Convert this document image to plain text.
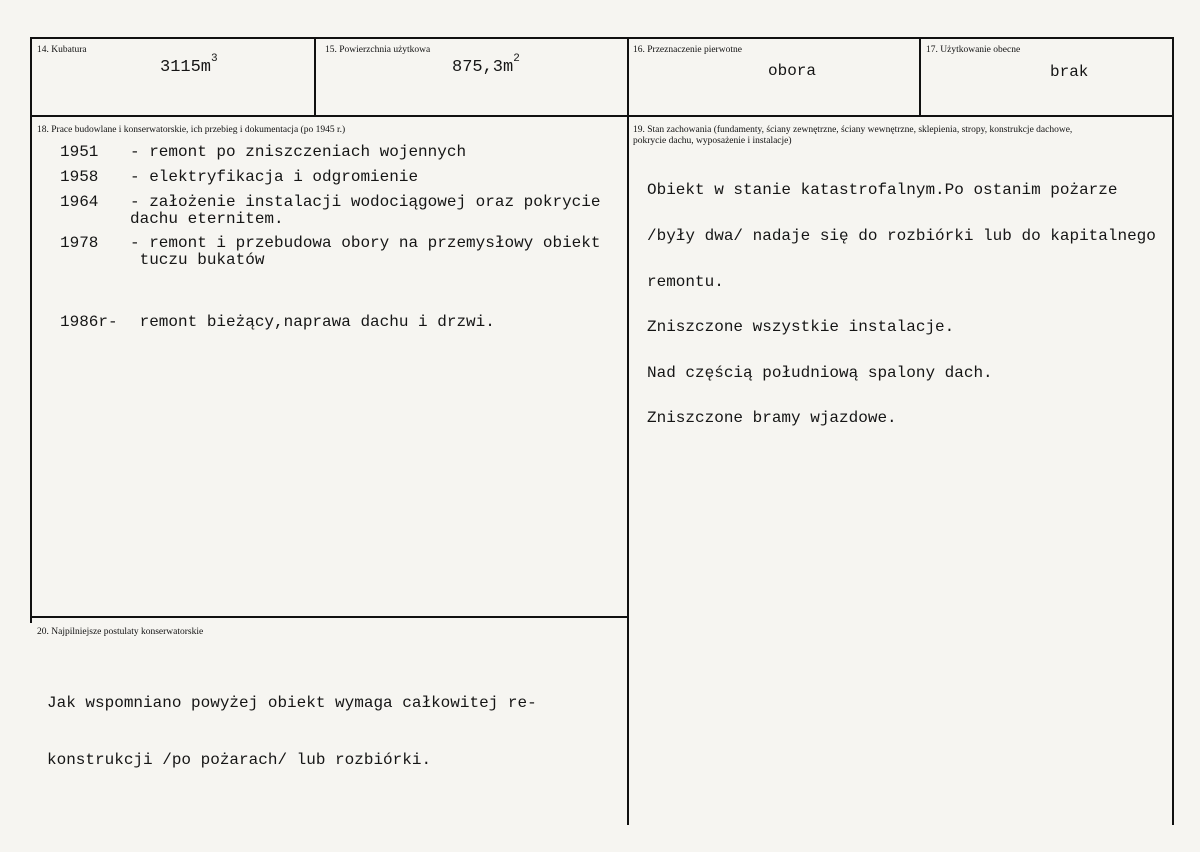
14. Kubatura
$3115m^3$
15. Powierzchnia użytkowa
$875,3m^2$
16. Przeznaczenie pierwotne
obora
17. Użytkowanie obecne
brak
18. Prace budowlane i konserwatorskie, ich przebieg i dokumentacja (po 1945 r.)
1951 - remont po zniszczeniach wojennych
1958 - elektryfikacja i odgromienie
1964 - założenie instalacji wodociągowej oraz pokrycie
dachu eternitem.
1978 - remont i przebudowa obory na przemysłowy obiekt
tuczu bukatów

1986r- remont bieżący,naprawa dachu i drzwi.

19. Stan zachowania (fundamenty, ściany zewnętrzne, ściany wewnętrzne, sklepienia, stropy, konstrukcje dachowe,
pokrycie dachu, wyposażenie i instalacje)

Obiekt w stanie katastrofalnym.Po ostanim pożarze

/były dwa/ nadaje się do rozbiórki lub do kapitalnego

remontu.

Zniszczone wszystkie instalacje.

Nad częścią południową spalony dach.

Zniszczone bramy wjazdowe.

20. Najpilniejsze postulaty konserwatorskie

Jak wspomniano powyżej obiekt wymaga całkowitej re-

konstrukcji /po pożarach/ lub rozbiórki.
